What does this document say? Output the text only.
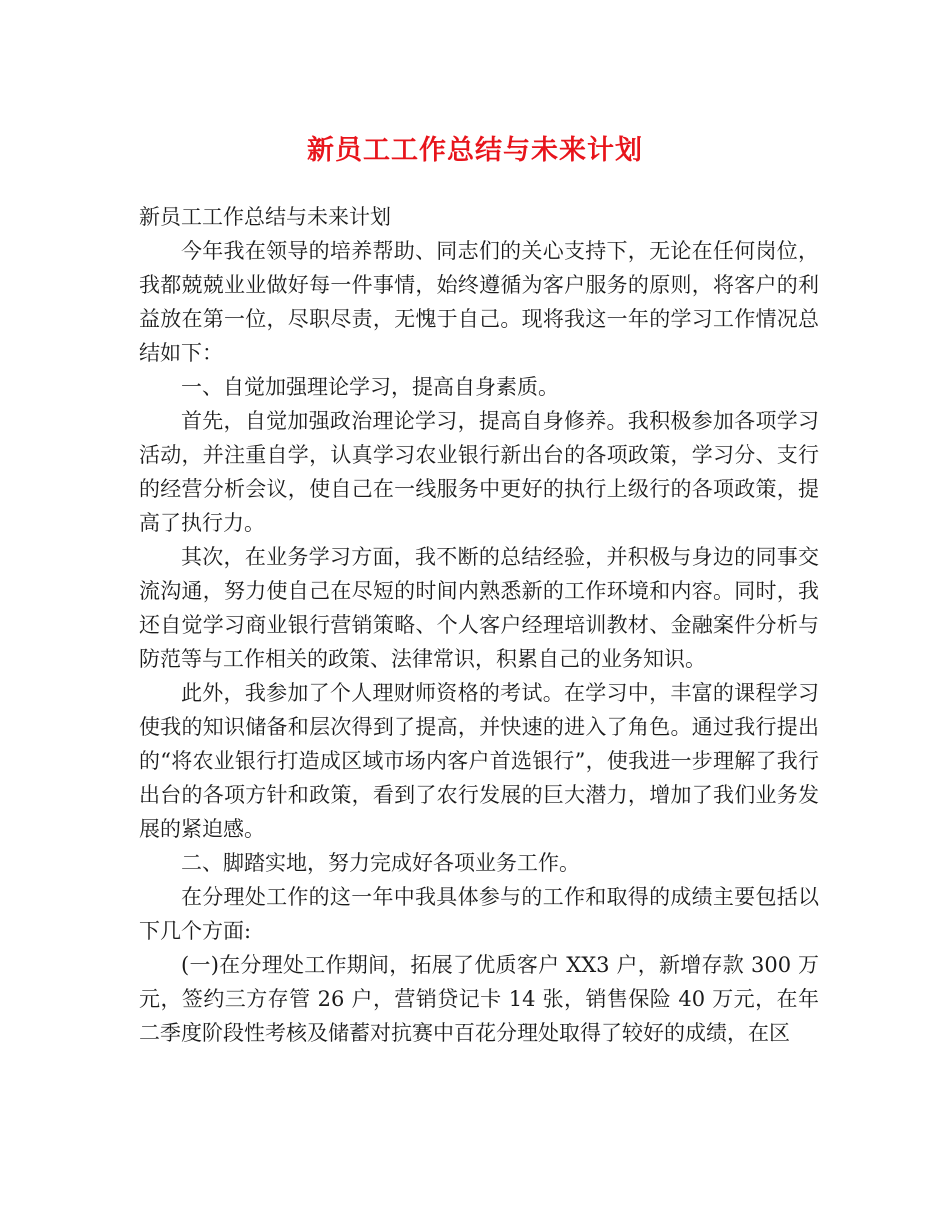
新员工工作总结与未来计划

新员工工作总结与未来计划

今年我在领导的培养帮助、同志们的关心支持下，无论在任何岗位，我都兢兢业业做好每一件事情，始终遵循为客户服务的原则，将客户的利益放在第一位，尽职尽责，无愧于自己。现将我这一年的学习工作情况总结如下：

一、自觉加强理论学习，提高自身素质。

首先，自觉加强政治理论学习，提高自身修养。我积极参加各项学习活动，并注重自学，认真学习农业银行新出台的各项政策，学习分、支行的经营分析会议，使自己在一线服务中更好的执行上级行的各项政策，提高了执行力。

其次，在业务学习方面，我不断的总结经验，并积极与身边的同事交流沟通，努力使自己在尽短的时间内熟悉新的工作环境和内容。同时，我还自觉学习商业银行营销策略、个人客户经理培训教材、金融案件分析与防范等与工作相关的政策、法律常识，积累自己的业务知识。

此外，我参加了个人理财师资格的考试。在学习中，丰富的课程学习使我的知识储备和层次得到了提高，并快速的进入了角色。通过我行提出的“将农业银行打造成区域市场内客户首选银行”，使我进一步理解了我行出台的各项方针和政策，看到了农行发展的巨大潜力，增加了我们业务发展的紧迫感。

二、脚踏实地，努力完成好各项业务工作。

在分理处工作的这一年中我具体参与的工作和取得的成绩主要包括以下几个方面:

(一)在分理处工作期间，拓展了优质客户 XX3 户，新增存款 300 万元，签约三方存管 26 户，营销贷记卡 14 张，销售保险 40 万元，在年二季度阶段性考核及储蓄对抗赛中百花分理处取得了较好的成绩，在区
